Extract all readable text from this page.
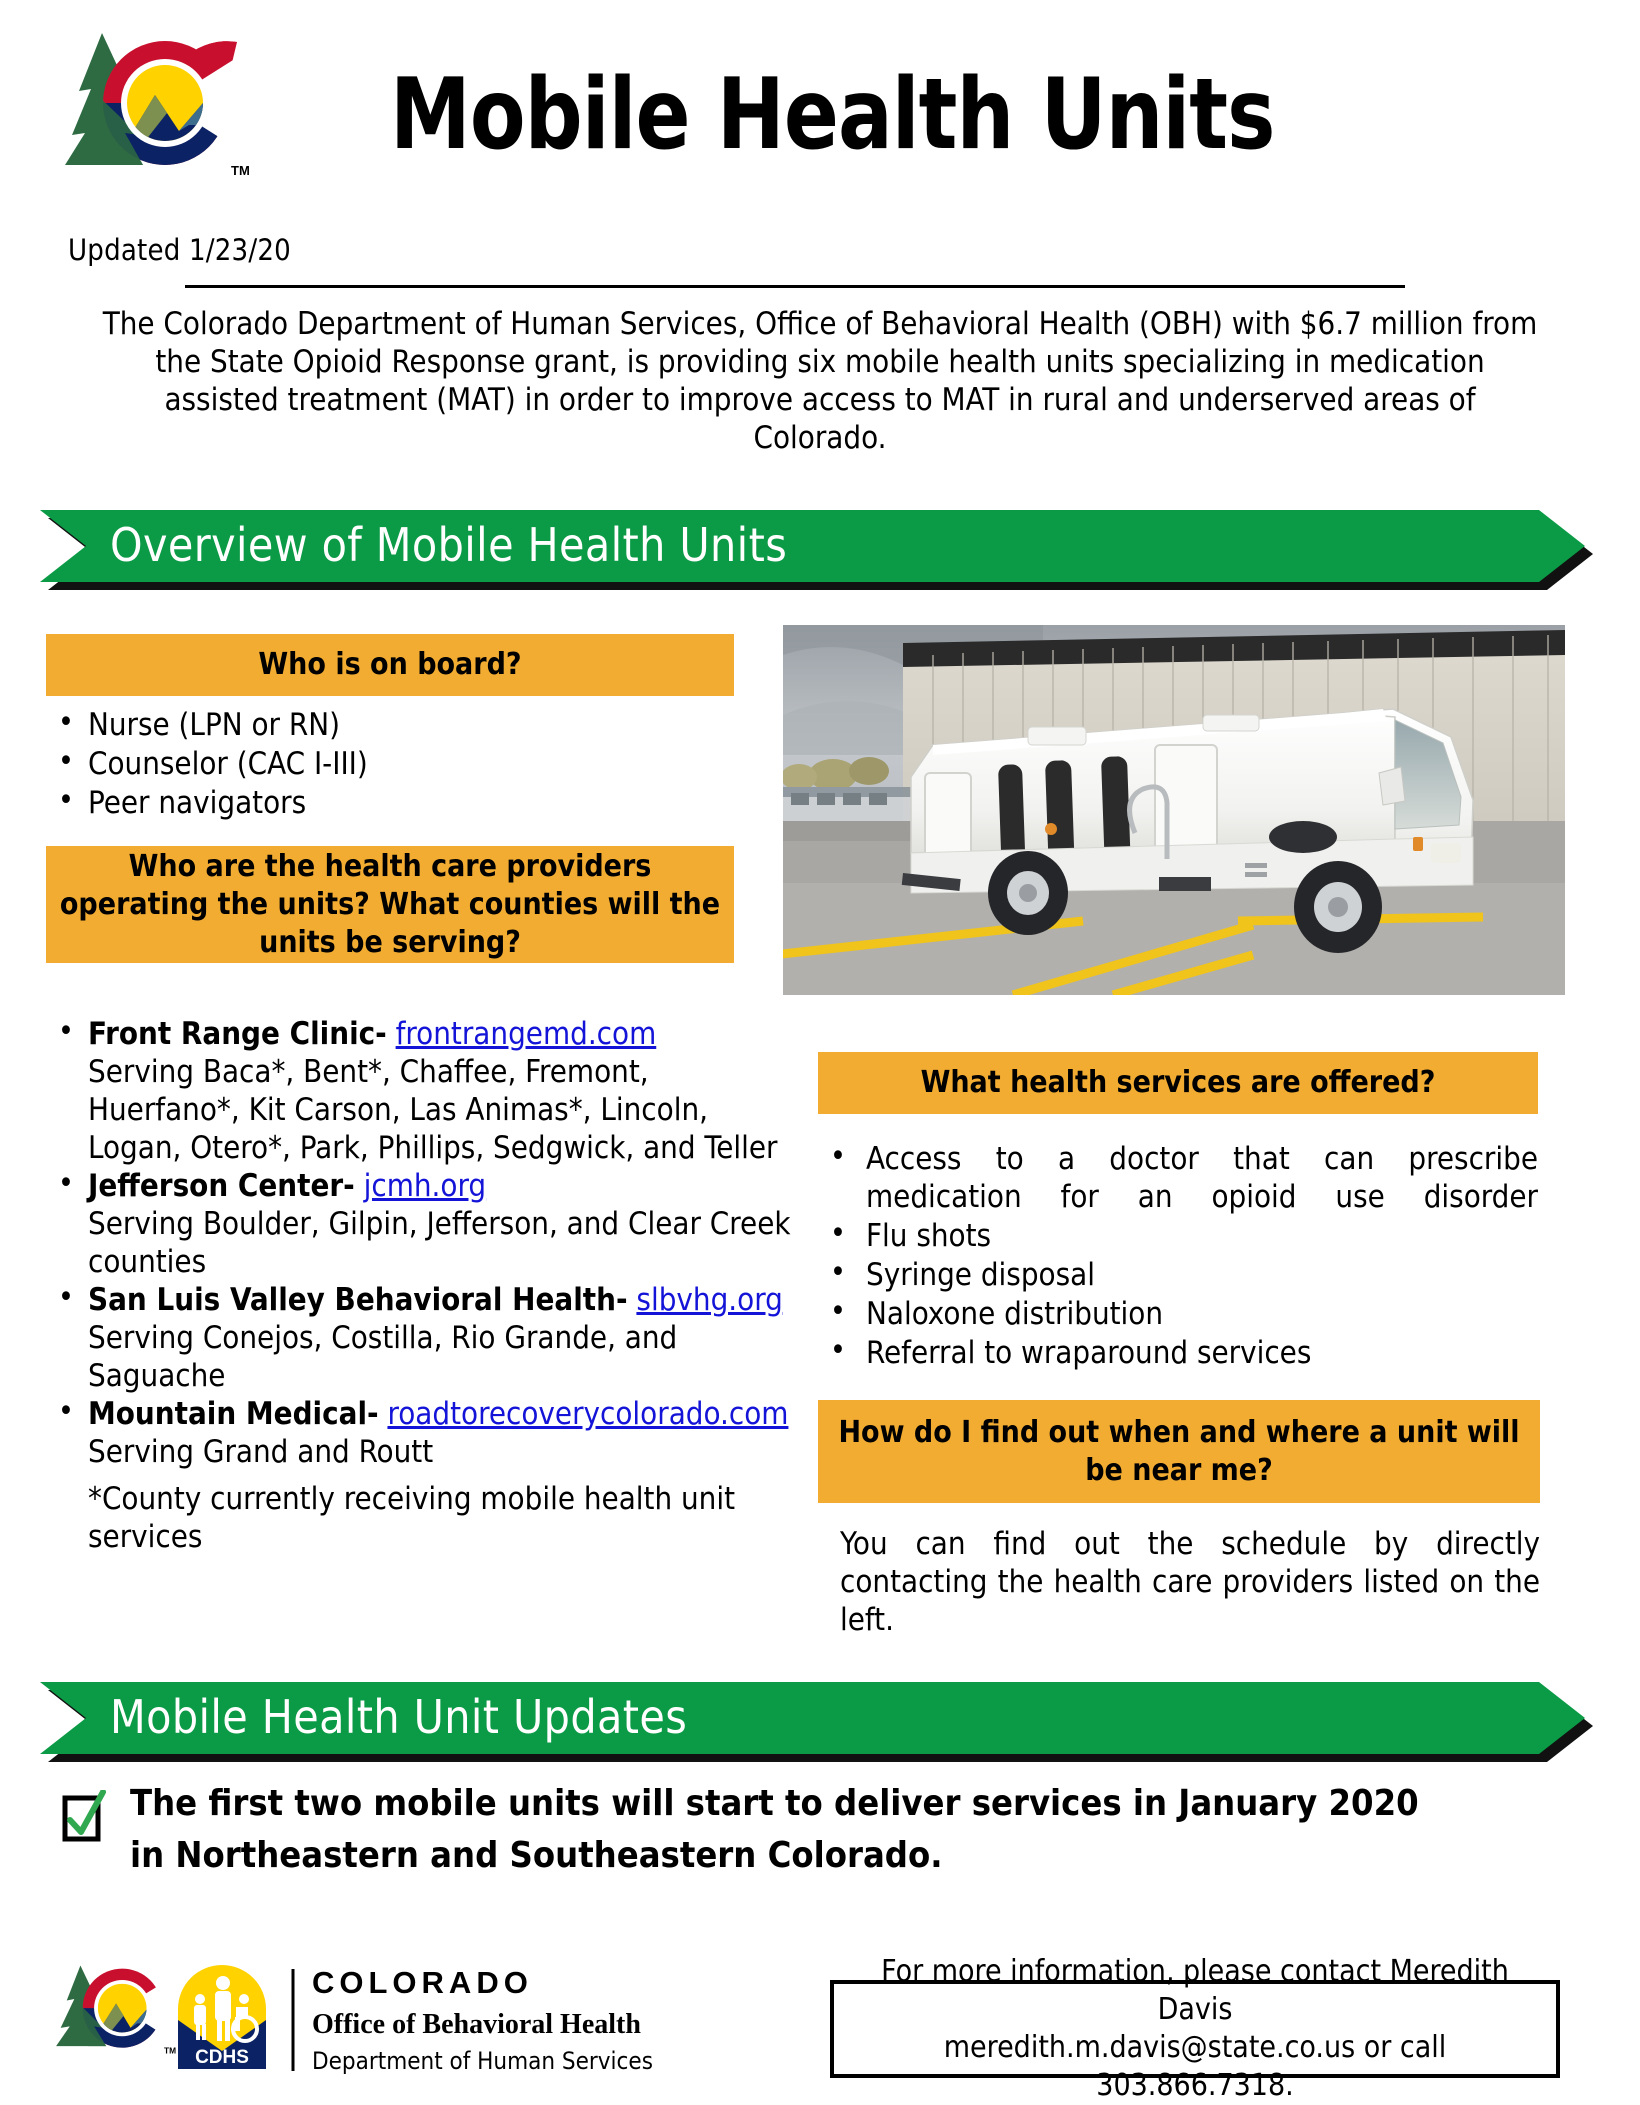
TM Mobile Health Units
Updated 1/23/20
The Colorado Department of Human Services, Office of Behavioral Health (OBH) with $6.7 million from the State Opioid Response grant, is providing six mobile health units specializing in medication assisted treatment (MAT) in order to improve access to MAT in rural and underserved areas of Colorado.
Overview of Mobile Health Units
Who is on board?
• Nurse (LPN or RN)
• Counselor (CAC I-III)
• Peer navigators
Who are the health care providers operating the units? What counties will the units be serving?
• Front Range Clinic- frontrangemd.com
Serving Baca*, Bent*, Chaffee, Fremont, Huerfano*, Kit Carson, Las Animas*, Lincoln, Logan, Otero*, Park, Phillips, Sedgwick, and Teller
• Jefferson Center- jcmh.org
Serving Boulder, Gilpin, Jefferson, and Clear Creek counties
• San Luis Valley Behavioral Health- slbvhg.org
Serving Conejos, Costilla, Rio Grande, and Saguache
• Mountain Medical- roadtorecoverycolorado.com
Serving Grand and Routt
*County currently receiving mobile health unit services
What health services are offered?
• Access to a doctor that can prescribe medication for an opioid use disorder
• Flu shots
• Syringe disposal
• Naloxone distribution
• Referral to wraparound services
How do I find out when and where a unit will be near me?
You can find out the schedule by directly contacting the health care providers listed on the left.
Mobile Health Unit Updates
The first two mobile units will start to deliver services in January 2020 in Northeastern and Southeastern Colorado.
TM CDHS
COLORADO
Office of Behavioral Health
Department of Human Services
For more information, please contact Meredith Davis
meredith.m.davis@state.co.us or call 303.866.7318.
